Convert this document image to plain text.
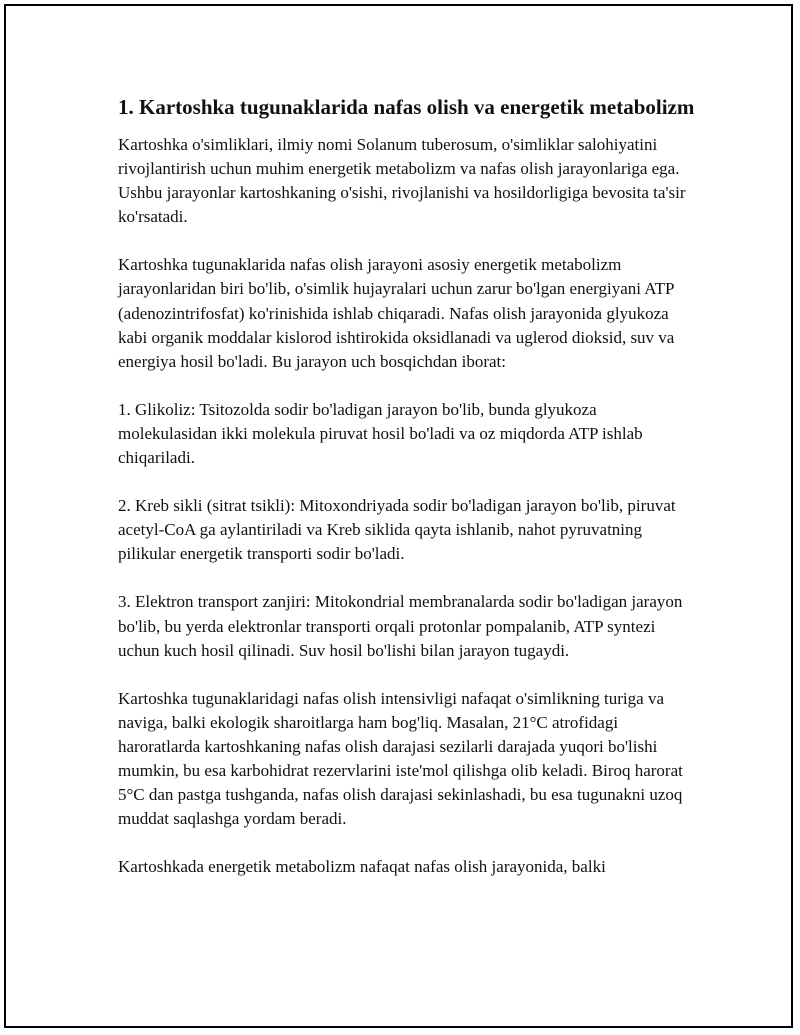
1. Kartoshka tugunaklarida nafas olish va energetik metabolizm

Kartoshka o'simliklari, ilmiy nomi Solanum tuberosum, o'simliklar salohiyatini rivojlantirish uchun muhim energetik metabolizm va nafas olish jarayonlariga ega. Ushbu jarayonlar kartoshkaning o'sishi, rivojlanishi va hosildorligiga bevosita ta'sir ko'rsatadi.

Kartoshka tugunaklarida nafas olish jarayoni asosiy energetik metabolizm jarayonlaridan biri bo'lib, o'simlik hujayralari uchun zarur bo'lgan energiyani ATP (adenozintrifosfat) ko'rinishida ishlab chiqaradi. Nafas olish jarayonida glyukoza kabi organik moddalar kislorod ishtirokida oksidlanadi va uglerod dioksid, suv va energiya hosil bo'ladi. Bu jarayon uch bosqichdan iborat:

1. Glikoliz: Tsitozolda sodir bo'ladigan jarayon bo'lib, bunda glyukoza molekulasidan ikki molekula piruvat hosil bo'ladi va oz miqdorda ATP ishlab chiqariladi.

2. Kreb sikli (sitrat tsikli): Mitoxondriyada sodir bo'ladigan jarayon bo'lib, piruvat acetyl-CoA ga aylantiriladi va Kreb siklida qayta ishlanib, nahot pyruvatning pilikular energetik transporti sodir bo'ladi.

3. Elektron transport zanjiri: Mitokondrial membranalarda sodir bo'ladigan jarayon bo'lib, bu yerda elektronlar transporti orqali protonlar pompalanib, ATP syntezi uchun kuch hosil qilinadi. Suv hosil bo'lishi bilan jarayon tugaydi.

Kartoshka tugunaklaridagi nafas olish intensivligi nafaqat o'simlikning turiga va naviga, balki ekologik sharoitlarga ham bog'liq. Masalan, 21°C atrofidagi haroratlarda kartoshkaning nafas olish darajasi sezilarli darajada yuqori bo'lishi mumkin, bu esa karbohidrat rezervlarini iste'mol qilishga olib keladi. Biroq harorat 5°C dan pastga tushganda, nafas olish darajasi sekinlashadi, bu esa tugunakni uzoq muddat saqlashga yordam beradi.

Kartoshkada energetik metabolizm nafaqat nafas olish jarayonida, balki
